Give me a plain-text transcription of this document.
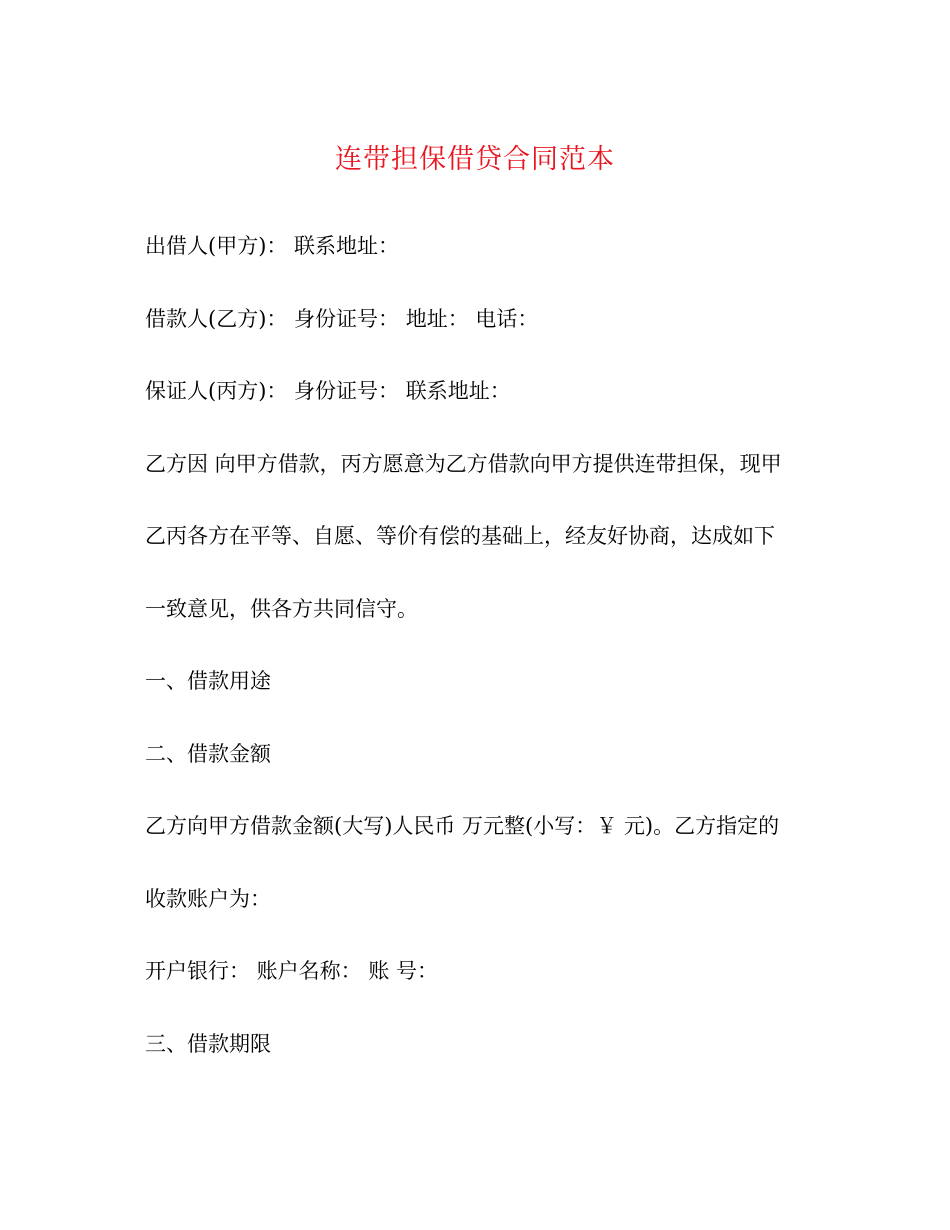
连带担保借贷合同范本
出借人(甲方)： 联系地址：
借款人(乙方)： 身份证号： 地址： 电话：
保证人(丙方)： 身份证号： 联系地址：
乙方因 向甲方借款，丙方愿意为乙方借款向甲方提供连带担保，现甲
乙丙各方在平等、自愿、等价有偿的基础上，经友好协商，达成如下
一致意见，供各方共同信守。
一、借款用途
二、借款金额
乙方向甲方借款金额(大写)人民币 万元整(小写：￥ 元)。乙方指定的
收款账户为：
开户银行： 账户名称： 账 号：
三、借款期限
